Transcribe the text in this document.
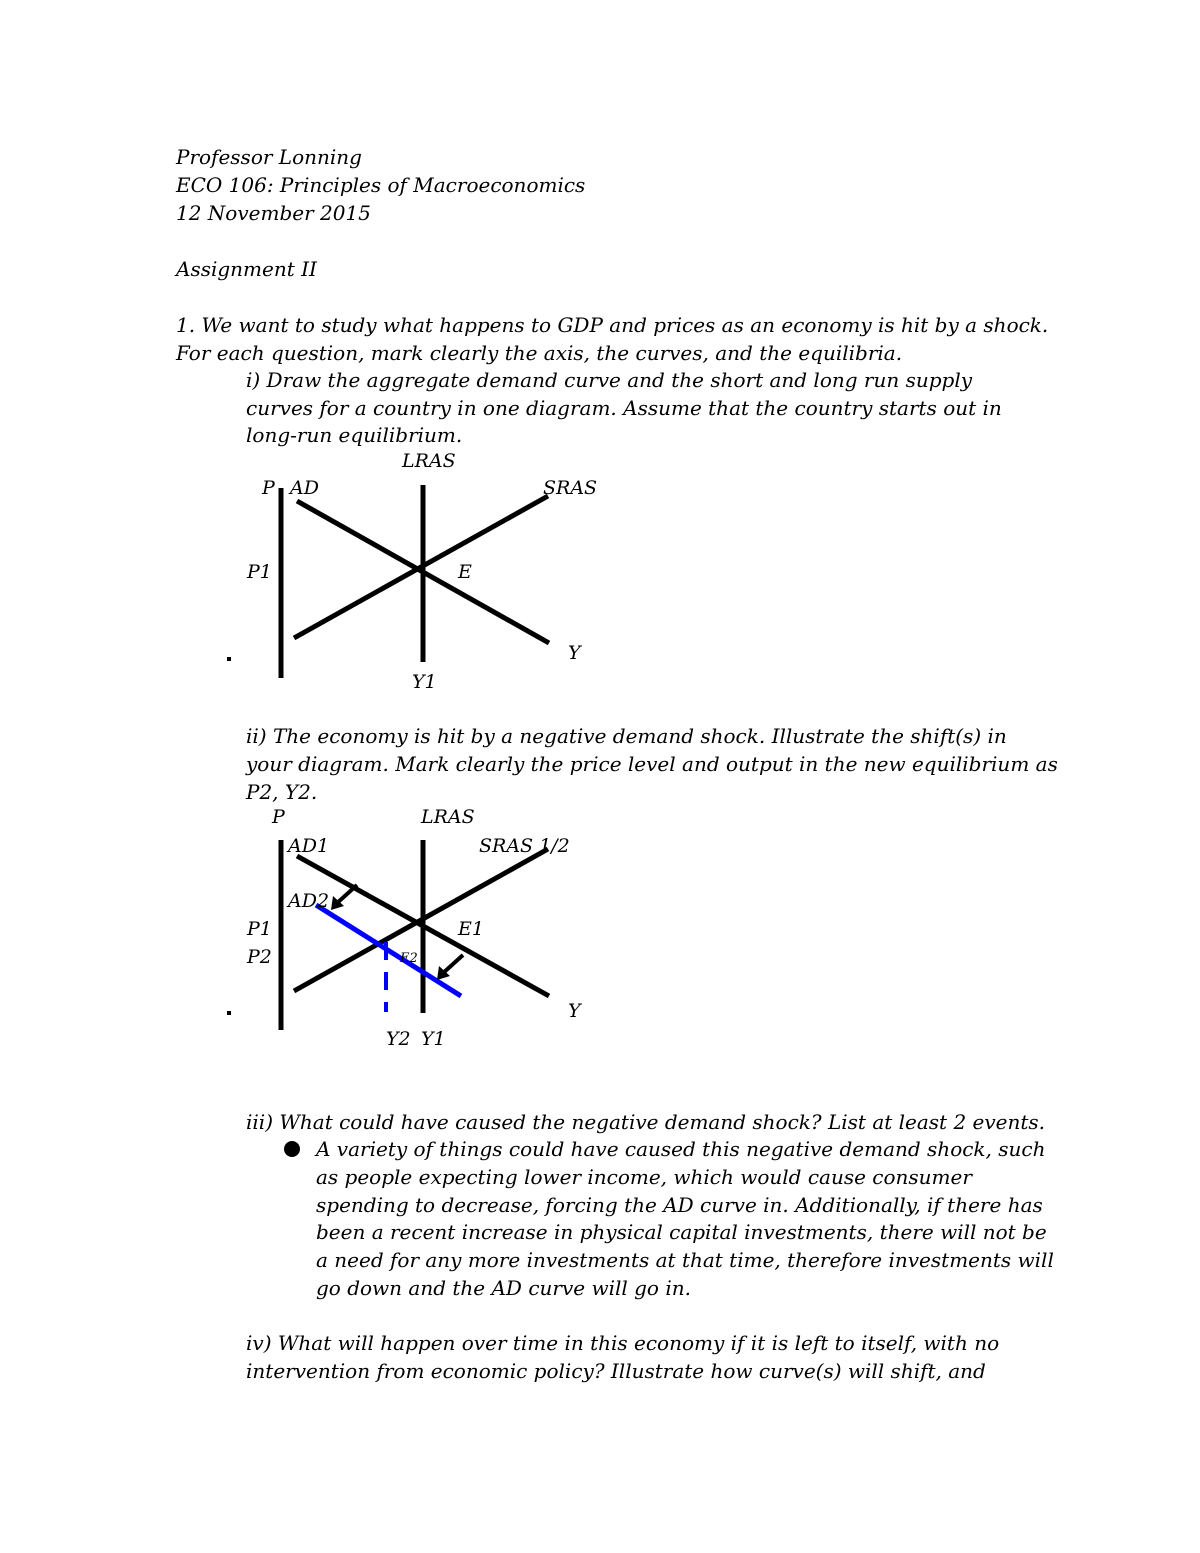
Professor Lonning
ECO 106: Principles of Macroeconomics
12 November 2015
Assignment II
1. We want to study what happens to GDP and prices as an economy is hit by a shock.
For each question, mark clearly the axis, the curves, and the equilibria.
i) Draw the aggregate demand curve and the short and long run supply
curves for a country in one diagram. Assume that the country starts out in
long-run equilibrium.
LRAS
P AD	SRAS
P1	E
Y
Y1
ii) The economy is hit by a negative demand shock. Illustrate the shift(s) in
your diagram. Mark clearly the price level and output in the new equilibrium as
P2, Y2.
P	LRAS
AD1	SRAS 1/2
AD2
P1	E1
P2	E2
Y
Y2 Y1
iii) What could have caused the negative demand shock? List at least 2 events.
A variety of things could have caused this negative demand shock, such
as people expecting lower income, which would cause consumer
spending to decrease, forcing the AD curve in. Additionally, if there has
been a recent increase in physical capital investments, there will not be
a need for any more investments at that time, therefore investments will
go down and the AD curve will go in.
iv) What will happen over time in this economy if it is left to itself, with no
intervention from economic policy? Illustrate how curve(s) will shift, and
